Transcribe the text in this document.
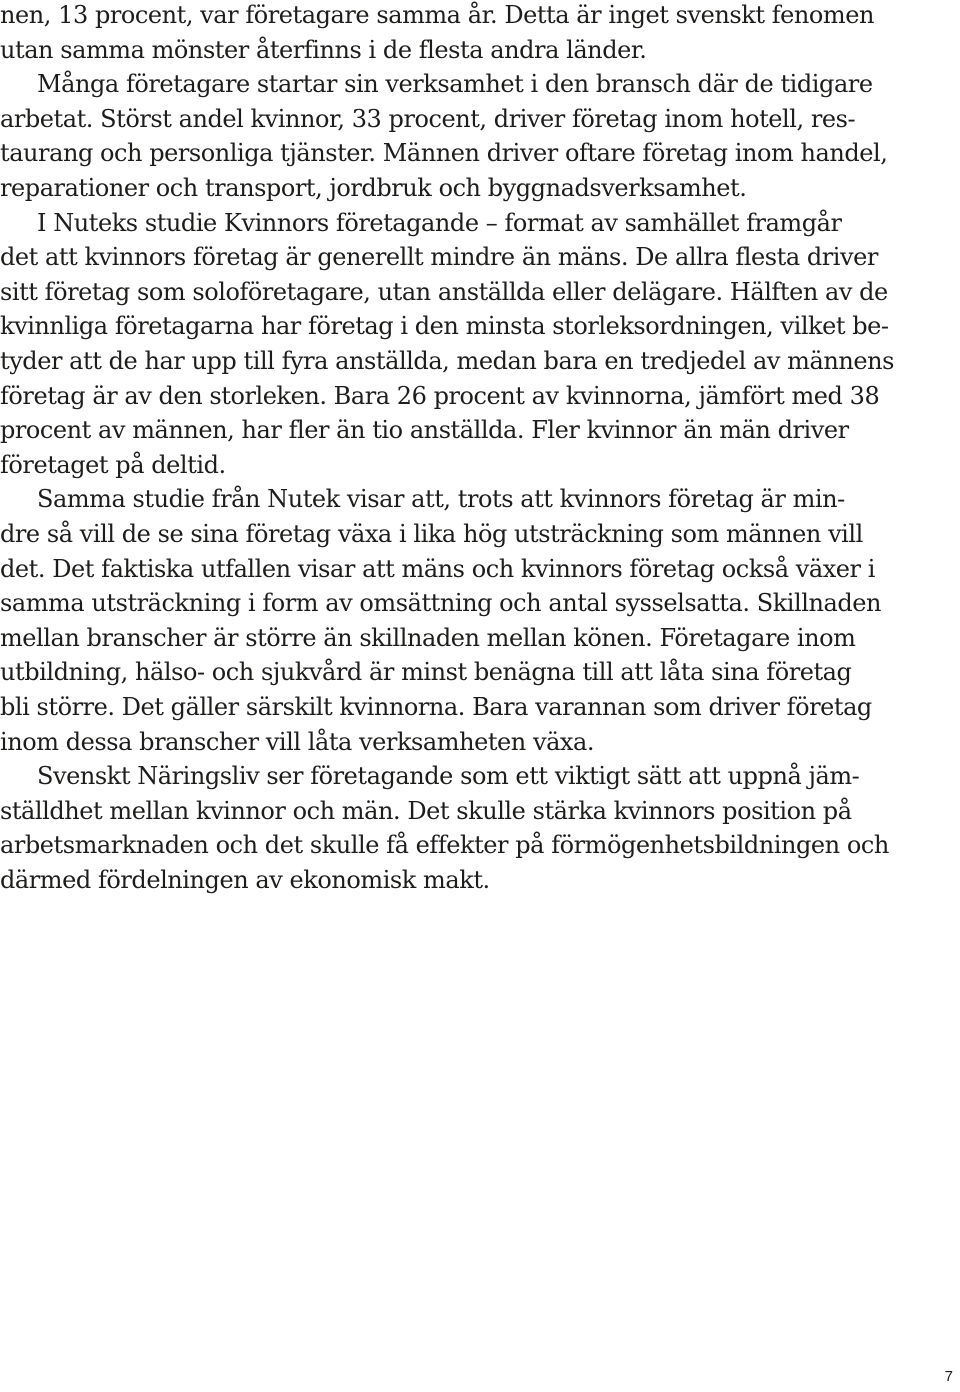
nen, 13 procent, var företagare samma år. Detta är inget svenskt fenomen
utan samma mönster återfinns i de flesta andra länder.
Många företagare startar sin verksamhet i den bransch där de tidigare
arbetat. Störst andel kvinnor, 33 procent, driver företag inom hotell, res-
taurang och personliga tjänster. Männen driver oftare företag inom handel,
reparationer och transport, jordbruk och byggnadsverksamhet.
I Nuteks studie Kvinnors företagande – format av samhället framgår
det att kvinnors företag är generellt mindre än mäns. De allra flesta driver
sitt företag som soloföretagare, utan anställda eller delägare. Hälften av de
kvinnliga företagarna har företag i den minsta storleksordningen, vilket be-
tyder att de har upp till fyra anställda, medan bara en tredjedel av männens
företag är av den storleken. Bara 26 procent av kvinnorna, jämfört med 38
procent av männen, har fler än tio anställda. Fler kvinnor än män driver
företaget på deltid.
Samma studie från Nutek visar att, trots att kvinnors företag är min-
dre så vill de se sina företag växa i lika hög utsträckning som männen vill
det. Det faktiska utfallen visar att mäns och kvinnors företag också växer i
samma utsträckning i form av omsättning och antal sysselsatta. Skillnaden
mellan branscher är större än skillnaden mellan könen. Företagare inom
utbildning, hälso- och sjukvård är minst benägna till att låta sina företag
bli större. Det gäller särskilt kvinnorna. Bara varannan som driver företag
inom dessa branscher vill låta verksamheten växa.
Svenskt Näringsliv ser företagande som ett viktigt sätt att uppnå jäm-
ställdhet mellan kvinnor och män. Det skulle stärka kvinnors position på
arbetsmarknaden och det skulle få effekter på förmögenhetsbildningen och
därmed fördelningen av ekonomisk makt.
7
